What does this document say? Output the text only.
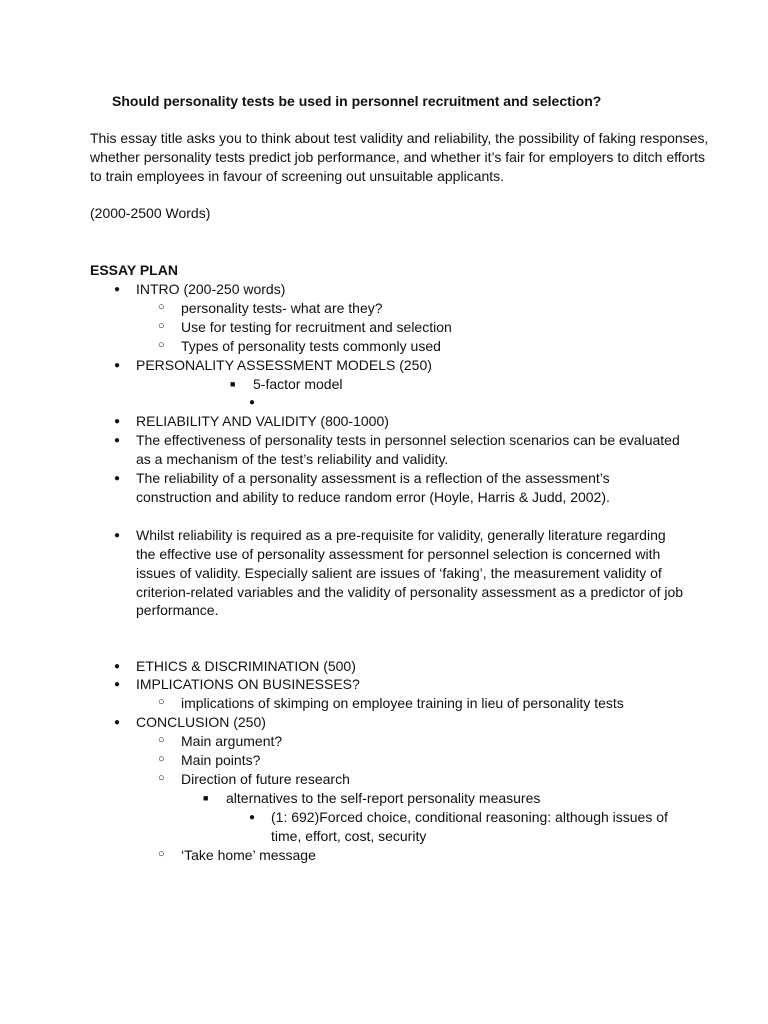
Should personality tests be used in personnel recruitment and selection?
This essay title asks you to think about test validity and reliability, the possibility of faking responses,
whether personality tests predict job performance, and whether it’s fair for employers to ditch efforts
to train employees in favour of screening out unsuitable applicants.
(2000-2500 Words)
ESSAY PLAN
● INTRO (200-250 words)
○ personality tests- what are they?
○ Use for testing for recruitment and selection
○ Types of personality tests commonly used
● PERSONALITY ASSESSMENT MODELS (250)
■ 5-factor model
●
● RELIABILITY AND VALIDITY (800-1000)
● The effectiveness of personality tests in personnel selection scenarios can be evaluated
as a mechanism of the test’s reliability and validity.
● The reliability of a personality assessment is a reflection of the assessment’s
construction and ability to reduce random error (Hoyle, Harris & Judd, 2002).
● Whilst reliability is required as a pre-requisite for validity, generally literature regarding
the effective use of personality assessment for personnel selection is concerned with
issues of validity. Especially salient are issues of ‘faking’, the measurement validity of
criterion-related variables and the validity of personality assessment as a predictor of job
performance.
● ETHICS & DISCRIMINATION (500)
● IMPLICATIONS ON BUSINESSES?
○ implications of skimping on employee training in lieu of personality tests
● CONCLUSION (250)
○ Main argument?
○ Main points?
○ Direction of future research
■ alternatives to the self-report personality measures
● (1: 692)Forced choice, conditional reasoning: although issues of
time, effort, cost, security
○ ‘Take home’ message
